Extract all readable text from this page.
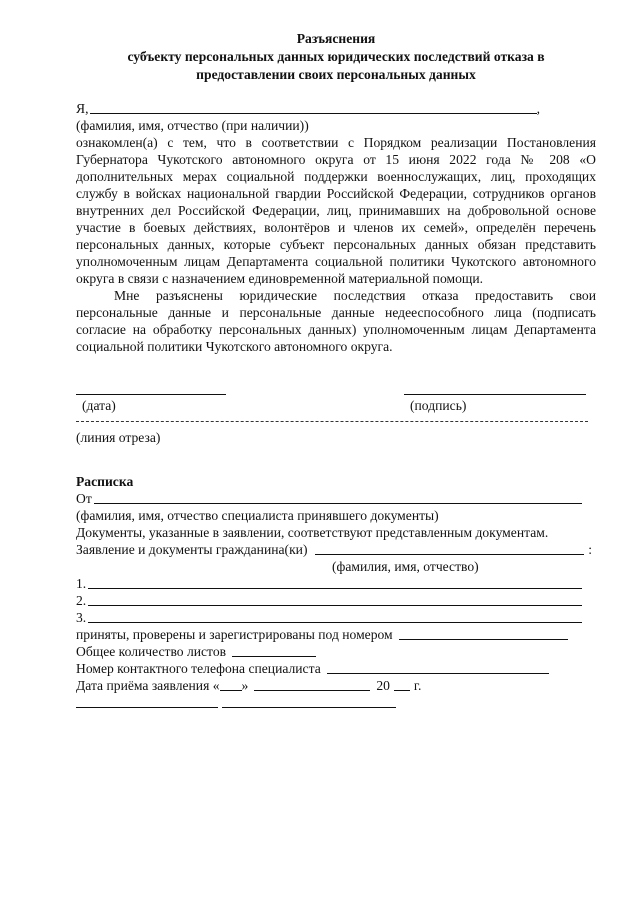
Разъяснения
субъекту персональных данных юридических последствий отказа в
предоставлении своих персональных данных
Я,	,

(фамилия, имя, отчество (при наличии))

ознакомлен(а) с тем, что в соответствии с Порядком реализации Постановления Губернатора Чукотского автономного округа от 15 июня 2022 года № 208 «О дополнительных мерах социальной поддержки военнослужащих, лиц, проходящих службу в войсках национальной гвардии Российской Федерации, сотрудников органов внутренних дел Российской Федерации, лиц, принимавших на добровольной основе участие в боевых действиях, волонтёров и членов их семей», определён перечень персональных данных, которые субъект персональных данных обязан представить уполномоченным лицам Департамента социальной политики Чукотского автономного округа в связи с назначением единовременной материальной помощи.

Мне разъяснены юридические последствия отказа предоставить свои персональные данные и персональные данные недееспособного лица (подписать согласие на обработку персональных данных) уполномоченным лицам Департамента социальной политики Чукотского автономного округа.

(дата)	(подпись)
(линия отреза)
Расписка
От

(фамилия, имя, отчество специалиста принявшего документы)

Документы, указанные в заявлении, соответствуют представленным документам.

Заявление и документы гражданина(ки)	:

(фамилия, имя, отчество)

1.
2.
3.
приняты, проверены и зарегистрированы под номером
Общее количество листов
Номер контактного телефона специалиста
Дата приёма заявления « »	20 г.
